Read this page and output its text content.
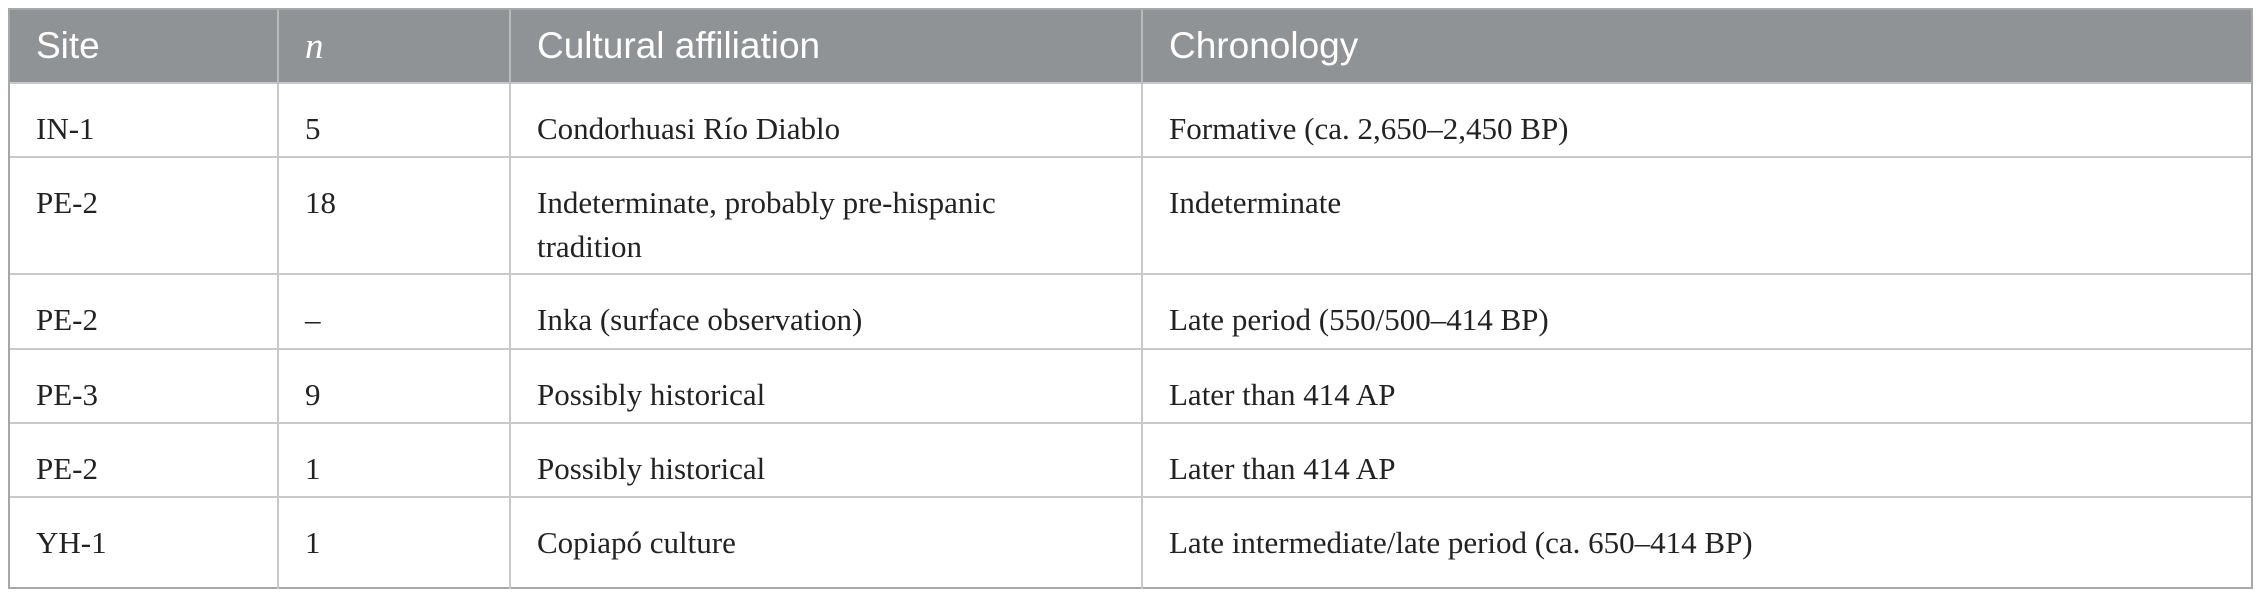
Site	n	Cultural affiliation	Chronology
IN-1	5	Condorhuasi Río Diablo	Formative (ca. 2,650–2,450 BP)
PE-2	18	Indeterminate, probably pre-hispanic tradition	Indeterminate
PE-2	–	Inka (surface observation)	Late period (550/500–414 BP)
PE-3	9	Possibly historical	Later than 414 AP
PE-2	1	Possibly historical	Later than 414 AP
YH-1	1	Copiapó culture	Late intermediate/late period (ca. 650–414 BP)
